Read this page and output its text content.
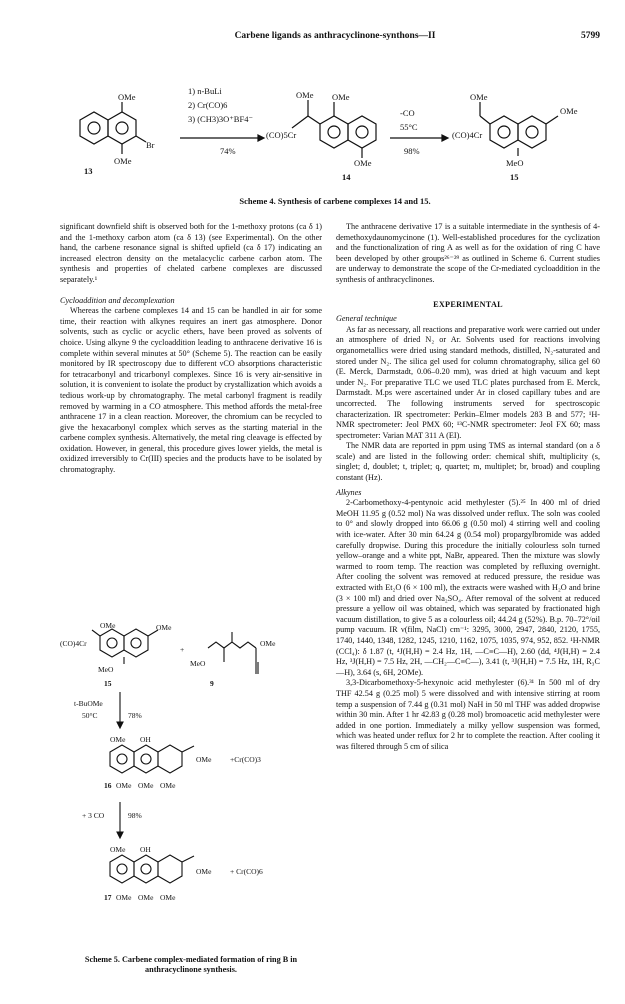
Carbene ligands as anthracyclinone-synthons—II	5799
OMe
OMe
Br
13
1) n-BuLi
2) Cr(CO)6
3) (CH3)3O⁺BF4⁻
74%
OMe OMe
(CO)5Cr
OMe
14
-CO
55°C
98%
OMe
OMe
(CO)4Cr
MeO
15
Scheme 4. Synthesis of carbene complexes 14 and 15.

significant downfield shift is observed both for the 1-methoxy protons (ca δ 1) and the 1-methoxy carbon atom (ca δ 13) (see Experimental). On the other hand, the carbene resonance signal is shifted upfield (ca δ 17) indicating an increased electron density on the metalacyclic carbene carbon atom. The synthesis and properties of chelated carbene complexes are discussed separately.¹

Cycloaddition and decomplexation

Whereas the carbene complexes 14 and 15 can be handled in air for some time, their reaction with alkynes requires an inert gas atmosphere. Donor solvents, such as cyclic or acyclic ethers, have been proved as solvents of choice. Using alkyne 9 the cycloaddition leading to anthracene derivative 16 is complete within several minutes at 50° (Scheme 5). The reaction can be easily monitored by IR spectroscopy due to different νCO absorptions characteristic for tetracarbonyl and tricarbonyl complexes. Since 16 is very air-sensitive in solution, it is convenient to isolate the product by crystallization which avoids a tedious work-up by chromatography. The metal carbonyl fragment is readily removed by warming in a CO atmosphere. This method affords the metal-free anthracene 17 in a clean reaction. Moreover, the chromium can be recycled to give the hexacarbonyl complex which serves as the starting material in the carbene complex synthesis. Alternatively, the metal ring cleavage is effected by oxidation. However, in general, this procedure gives lower yields, the metal is oxidized irreversibly to Cr(III) species and the products have to be isolated by chromatography.

OMe	OMe
(CO)4Cr
MeO
15
+
MeO
OMe
9
t-BuOMe
50°C	78%
OMe OH
OMe +Cr(CO)3
16 OMe OMe OMe
+ 3 CO	98%
OMe OH
OMe + Cr(CO)6
17 OMe OMe OMe
Scheme 5. Carbene complex-mediated formation of ring B in anthracyclinone synthesis.

The anthracene derivative 17 is a suitable intermediate in the synthesis of 4-demethoxydaunomycinone (1). Well-established procedures for the cyclization and the functionalization of ring A as well as for the oxidation of ring C have been developed by other groups²⁶⁻²⁹ as outlined in Scheme 6. Current studies are underway to demonstrate the scope of the Cr-mediated cycloaddition in the synthesis of anthracyclinones.

EXPERIMENTAL

General technique

As far as necessary, all reactions and preparative work were carried out under an atmosphere of dried N₂ or Ar. Solvents used for reactions involving organometallics were dried using standard methods, distilled, N₂-saturated and stored under N₂. The silica gel used for column chromatography, silica gel 60 (E. Merck, Darmstadt, 0.06–0.20 mm), was dried at high vacuum and kept under N₂. For preparative TLC we used TLC plates purchased from E. Merck, Darmstadt. M.ps were ascertained under Ar in closed capillary tubes and are uncorrected. The following instruments served for spectroscopic characterization. IR spectrometer: Perkin–Elmer models 283 B and 577; ¹H-NMR spectrometer: Jeol PMX 60; ¹³C-NMR spectrometer: Jeol FX 60; mass spectrometer: Varian MAT 311 A (EI).

The NMR data are reported in ppm using TMS as internal standard (on a δ scale) and are listed in the following order: chemical shift, multiplicity (s, singlet; d, doublet; t, triplet; q, quartet; m, multiplet; br, broad) and coupling constant (Hz).

Alkynes

2-Carbomethoxy-4-pentynoic acid methylester (5).²⁵ In 400 ml of dried MeOH 11.95 g (0.52 mol) Na was dissolved under reflux. The soln was cooled to 0° and slowly dropped into 66.06 g (0.50 mol) 4 stirring well and cooling with ice-water. After 30 min 64.24 g (0.54 mol) propargylbromide was added carefully dropwise. During this procedure the initially colourless soln turned yellow–orange and a white ppt, NaBr, appeared. Then the mixture was slowly warmed to room temp. The reaction was completed by refluxing overnight. After cooling the solvent was removed at reduced pressure, the residue was extracted with Et₂O (6 × 100 ml), the extracts were washed with H₂O and brine (3 × 100 ml) and dried over Na₂SO₄. After removal of the solvent at reduced pressure a yellow oil was obtained, which was separated by fractionated high vacuum distillation, to give 5 as a colourless oil; 44.24 g (52%). B.p. 70–72°/oil pump vacuum. IR ν(film, NaCl) cm⁻¹: 3295, 3000, 2947, 2840, 2120, 1755, 1740, 1440, 1348, 1282, 1245, 1210, 1162, 1075, 1035, 974, 952, 852. ¹H-NMR (CCl₄): δ 1.87 (t, ⁴J(H,H) = 2.4 Hz, 1H, —C≡C—H), 2.60 (dd, ⁴J(H,H) = 2.4 Hz, ³J(H,H) = 7.5 Hz, 2H, —CH₂—C≡C—), 3.41 (t, ³J(H,H) = 7.5 Hz, 1H, R₃C—H), 3.64 (s, 6H, 2OMe).

3,3-Dicarbomethoxy-5-hexynoic acid methylester (6).³¹ In 500 ml of dry THF 42.54 g (0.25 mol) 5 were dissolved and with intensive stirring at room temp a suspension of 7.44 g (0.31 mol) NaH in 50 ml THF was added dropwise within 30 min. After 1 hr 42.83 g (0.28 mol) bromoacetic acid methylester were added in one portion. Immediately a milky yellow suspension was formed, which was heated under reflux for 2 hr to complete the reaction. After cooling it was filtered through 5 cm of silica
